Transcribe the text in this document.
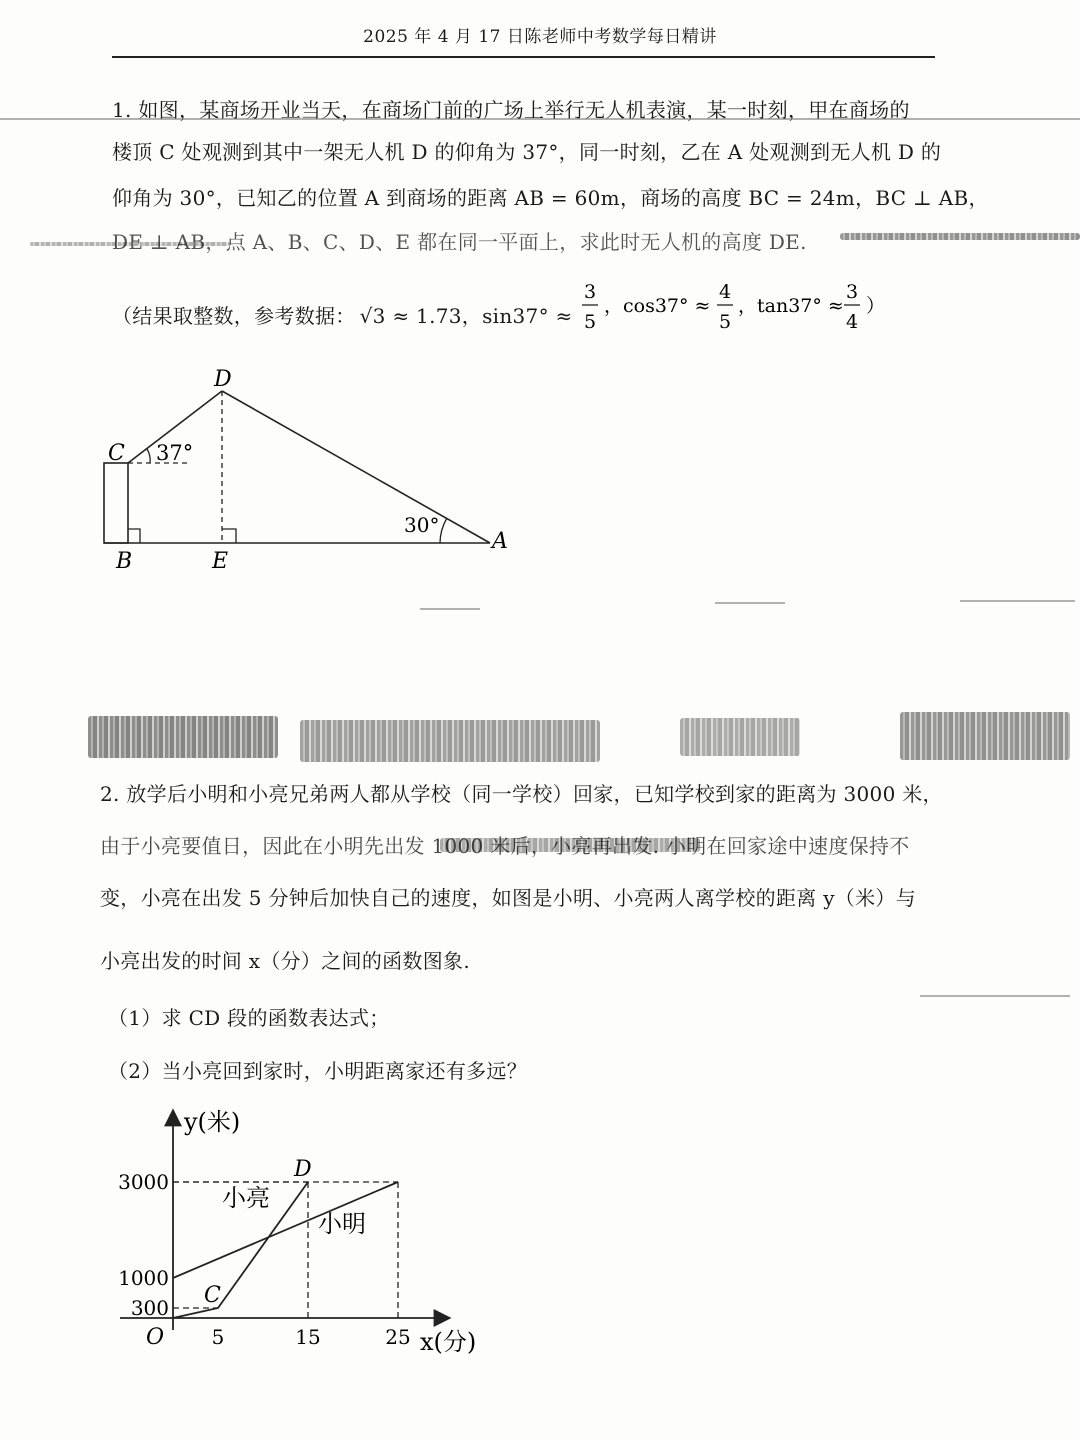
2025 年 4 月 17 日陈老师中考数学每日精讲
1. 如图，某商场开业当天，在商场门前的广场上举行无人机表演，某一时刻，甲在商场的
楼顶 C 处观测到其中一架无人机 D 的仰角为 37°，同一时刻，乙在 A 处观测到无人机 D 的
仰角为 30°，已知乙的位置 A 到商场的距离 AB = 60m，商场的高度 BC = 24m，BC ⊥ AB，
DE ⊥ AB，点 A、B、C、D、E 都在同一平面上，求此时无人机的高度 DE.
（结果取整数，参考数据： √3 ≈ 1.73，sin37° ≈
3
5
，cos37° ≈
4
5
，tan37° ≈
3
4
）
D
C 37°
B	E
A
30°
2. 放学后小明和小亮兄弟两人都从学校（同一学校）回家，已知学校到家的距离为 3000 米，
由于小亮要值日，因此在小明先出发 1000 米后，小亮再出发. 小明在回家途中速度保持不
变，小亮在出发 5 分钟后加快自己的速度，如图是小明、小亮两人离学校的距离 y（米）与
小亮出发的时间 x（分）之间的函数图象.
（1）求 CD 段的函数表达式；
（2）当小亮回到家时，小明距离家还有多远？
y(米)
x(分)
O
300
1000
3000
5	15	25
C
D
小亮
小明
